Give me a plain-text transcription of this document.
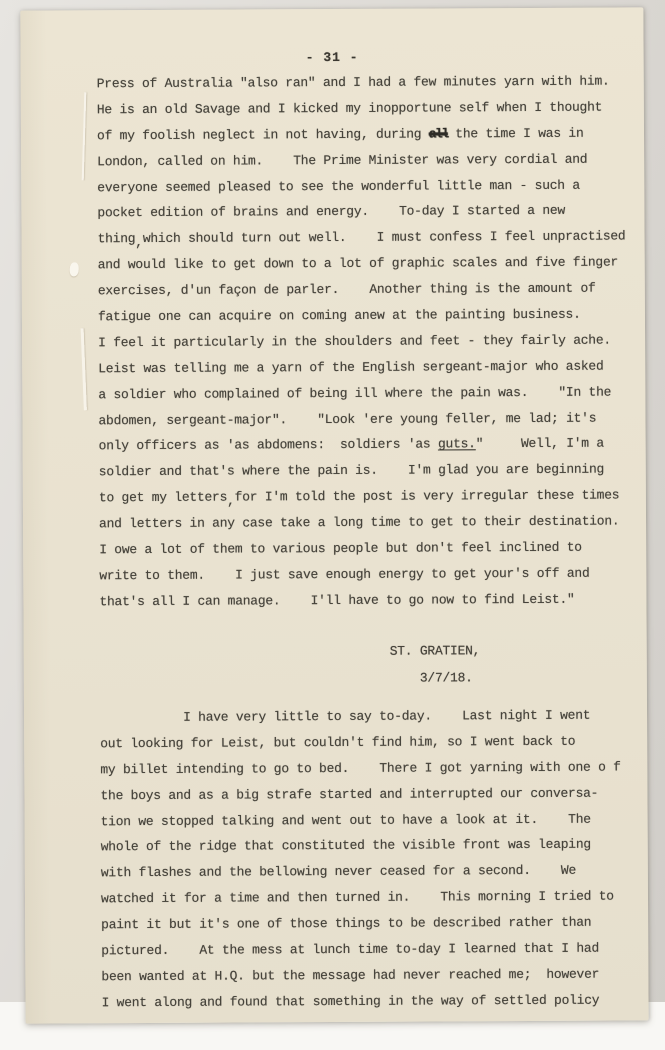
- 31 -
Press of Australia "also ran" and I had a few minutes yarn with him.
He is an old Savage and I kicked my inopportune self when I thought
of my foolish neglect in not having, during all the time I was in
London, called on him.    The Prime Minister was very cordial and
everyone seemed pleased to see the wonderful little man - such a
pocket edition of brains and energy.    To-day I started a new
thing,which should turn out well.    I must confess I feel unpractised
and would like to get down to a lot of graphic scales and five finger
exercises, d'un façon de parler.    Another thing is the amount of
fatigue one can acquire on coming anew at the painting business.
I feel it particularly in the shoulders and feet - they fairly ache.
Leist was telling me a yarn of the English sergeant-major who asked
a soldier who complained of being ill where the pain was.    "In the
abdomen, sergeant-major".    "Look 'ere young feller, me lad; it's
only officers as 'as abdomens:  soldiers 'as guts."     Well, I'm a
soldier and that's where the pain is.    I'm glad you are beginning
to get my letters,for I'm told the post is very irregular these times
and letters in any case take a long time to get to their destination.
I owe a lot of them to various people but don't feel inclined to
write to them.    I just save enough energy to get your's off and
that's all I can manage.    I'll have to go now to find Leist."
ST. GRATIEN,
3/7/18.
I have very little to say to-day.    Last night I went
out looking for Leist, but couldn't find him, so I went back to
my billet intending to go to bed.    There I got yarning with one o f
the boys and as a big strafe started and interrupted our conversa-
tion we stopped talking and went out to have a look at it.    The
whole of the ridge that constituted the visible front was leaping
with flashes and the bellowing never ceased for a second.    We
watched it for a time and then turned in.    This morning I tried to
paint it but it's one of those things to be described rather than
pictured.    At the mess at lunch time to-day I learned that I had
been wanted at H.Q. but the message had never reached me;  however
I went along and found that something in the way of settled policy
